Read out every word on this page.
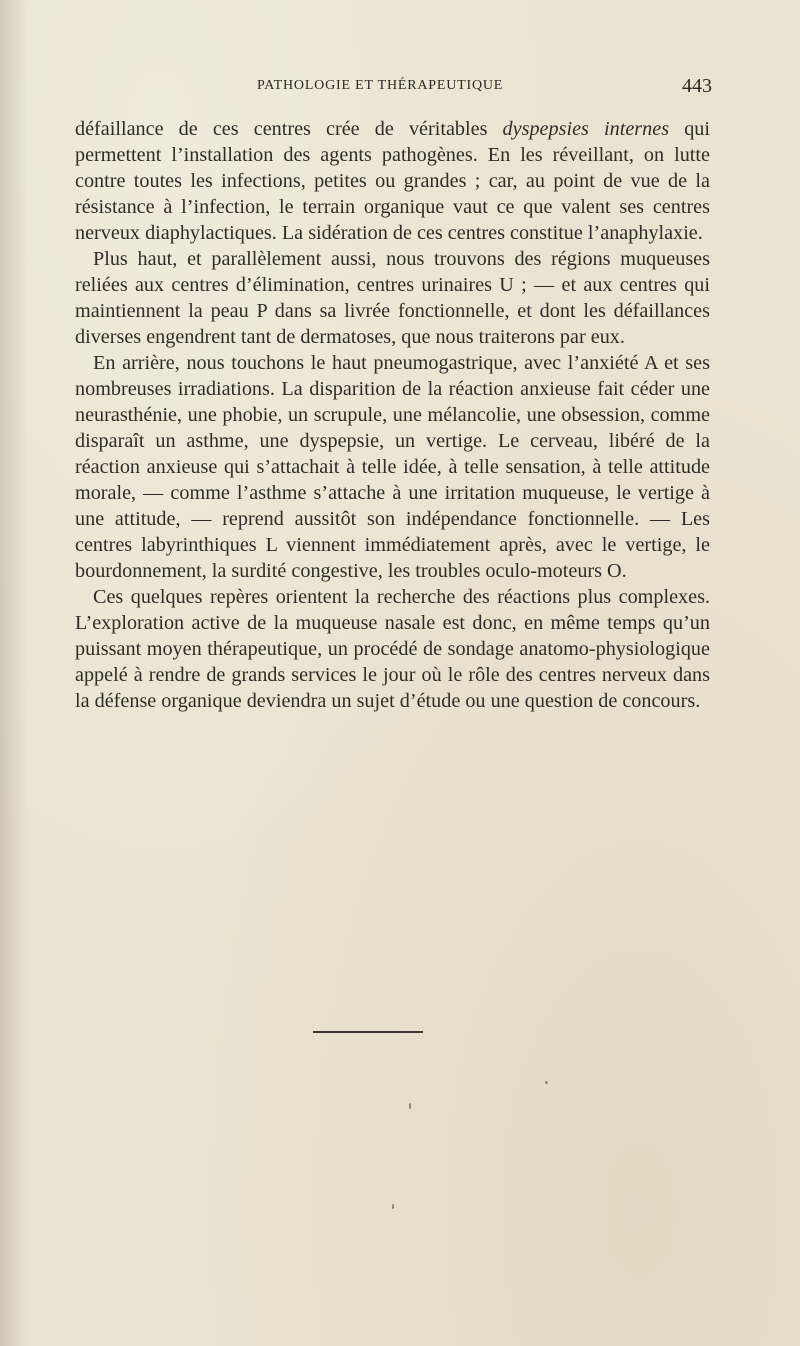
PATHOLOGIE ET THÉRAPEUTIQUE	443

défaillance de ces centres crée de véritables dyspepsies internes qui permettent l’installation des agents pathogènes. En les réveillant, on lutte contre toutes les infections, petites ou grandes ; car, au point de vue de la résistance à l’infection, le terrain organique vaut ce que valent ses centres nerveux diaphylactiques. La sidération de ces centres constitue l’anaphylaxie.

Plus haut, et parallèlement aussi, nous trouvons des régions muqueuses reliées aux centres d’élimination, centres urinaires U ; — et aux centres qui maintiennent la peau P dans sa livrée fonctionnelle, et dont les défaillances diverses engendrent tant de dermatoses, que nous traiterons par eux.

En arrière, nous touchons le haut pneumogastrique, avec l’anxiété A et ses nombreuses irradiations. La disparition de la réaction anxieuse fait céder une neurasthénie, une phobie, un scrupule, une mélancolie, une obsession, comme disparaît un asthme, une dyspepsie, un vertige. Le cerveau, libéré de la réaction anxieuse qui s’attachait à telle idée, à telle sensation, à telle attitude morale, — comme l’asthme s’attache à une irritation muqueuse, le vertige à une attitude, — reprend aussitôt son indépendance fonctionnelle. — Les centres labyrinthiques L viennent immédiatement après, avec le vertige, le bourdonnement, la surdité congestive, les troubles oculo-moteurs O.

Ces quelques repères orientent la recherche des réactions plus complexes. L’exploration active de la muqueuse nasale est donc, en même temps qu’un puissant moyen thérapeutique, un procédé de sondage anatomo-physiologique appelé à rendre de grands services le jour où le rôle des centres nerveux dans la défense organique deviendra un sujet d’étude ou une question de concours.
